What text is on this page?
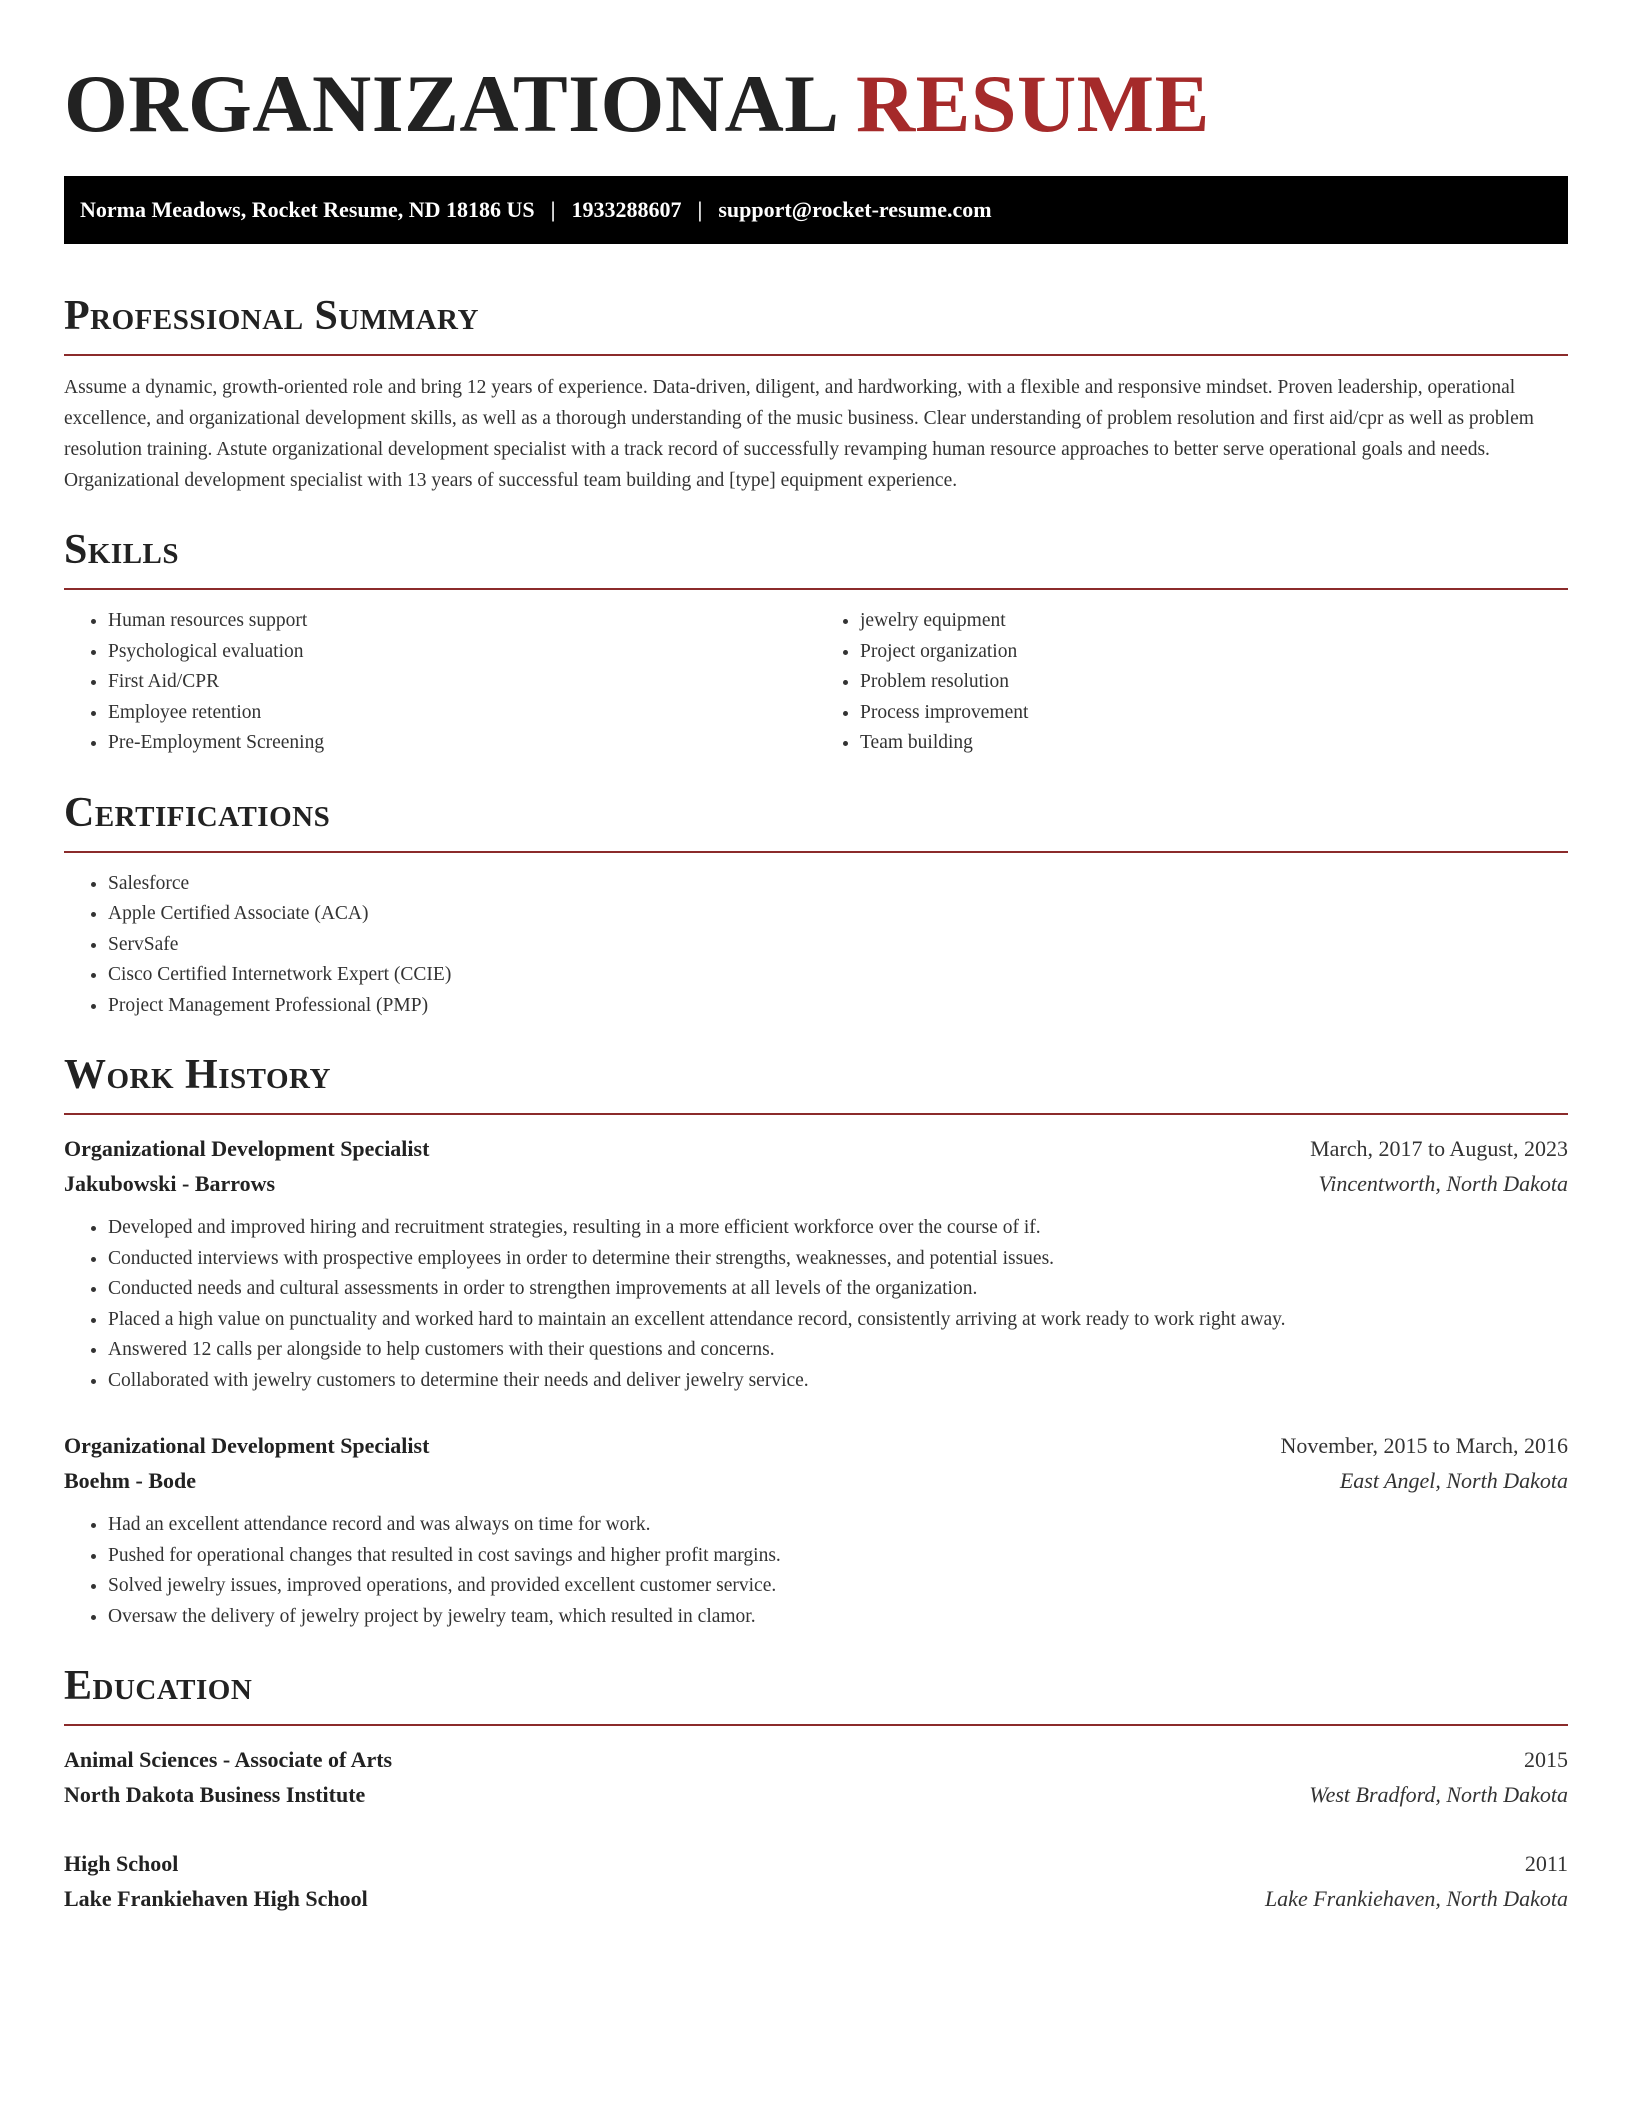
ORGANIZATIONAL RESUME
Norma Meadows, Rocket Resume, ND 18186 US | 1933288607 | support@rocket-resume.com
Professional Summary

Assume a dynamic, growth-oriented role and bring 12 years of experience. Data-driven, diligent, and hardworking, with a flexible and responsive mindset. Proven leadership, operational excellence, and organizational development skills, as well as a thorough understanding of the music business. Clear understanding of problem resolution and first aid/cpr as well as problem resolution training. Astute organizational development specialist with a track record of successfully revamping human resource approaches to better serve operational goals and needs. Organizational development specialist with 13 years of successful team building and [type] equipment experience.

Skills
• Human resources support
• Psychological evaluation
• First Aid/CPR
• Employee retention
• Pre-Employment Screening
• jewelry equipment
• Project organization
• Problem resolution
• Process improvement
• Team building
Certifications
• Salesforce
• Apple Certified Associate (ACA)
• ServSafe
• Cisco Certified Internetwork Expert (CCIE)
• Project Management Professional (PMP)
Work History
Organizational Development Specialist	March, 2017 to August, 2023
Jakubowski - Barrows	Vincentworth, North Dakota
• Developed and improved hiring and recruitment strategies, resulting in a more efficient workforce over the course of if.
• Conducted interviews with prospective employees in order to determine their strengths, weaknesses, and potential issues.
• Conducted needs and cultural assessments in order to strengthen improvements at all levels of the organization.
• Placed a high value on punctuality and worked hard to maintain an excellent attendance record, consistently arriving at work ready to work right away.
• Answered 12 calls per alongside to help customers with their questions and concerns.
• Collaborated with jewelry customers to determine their needs and deliver jewelry service.
Organizational Development Specialist	November, 2015 to March, 2016
Boehm - Bode	East Angel, North Dakota
• Had an excellent attendance record and was always on time for work.
• Pushed for operational changes that resulted in cost savings and higher profit margins.
• Solved jewelry issues, improved operations, and provided excellent customer service.
• Oversaw the delivery of jewelry project by jewelry team, which resulted in clamor.
Education
Animal Sciences - Associate of Arts	2015
North Dakota Business Institute	West Bradford, North Dakota
High School	2011
Lake Frankiehaven High School	Lake Frankiehaven, North Dakota
